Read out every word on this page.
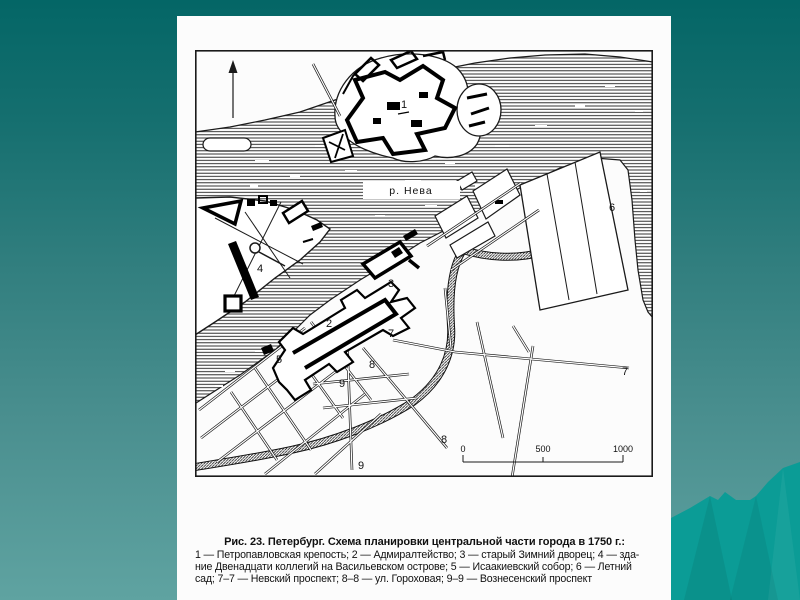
р. Нева
1
2
3
4
5
6
7
7
8
8
9
9
0	500	1000
Рис. 23. Петербург. Схема планировки центральной части города в 1750 г.:
1 — Петропавловская крепость; 2 — Адмиралтейство; 3 — старый Зимний дворец; 4 — зда-
ние Двенадцати коллегий на Васильевском острове; 5 — Исаакиевский собор; 6 — Летний
сад; 7–7 — Невский проспект; 8–8 — ул. Гороховая; 9–9 — Вознесенский проспект
